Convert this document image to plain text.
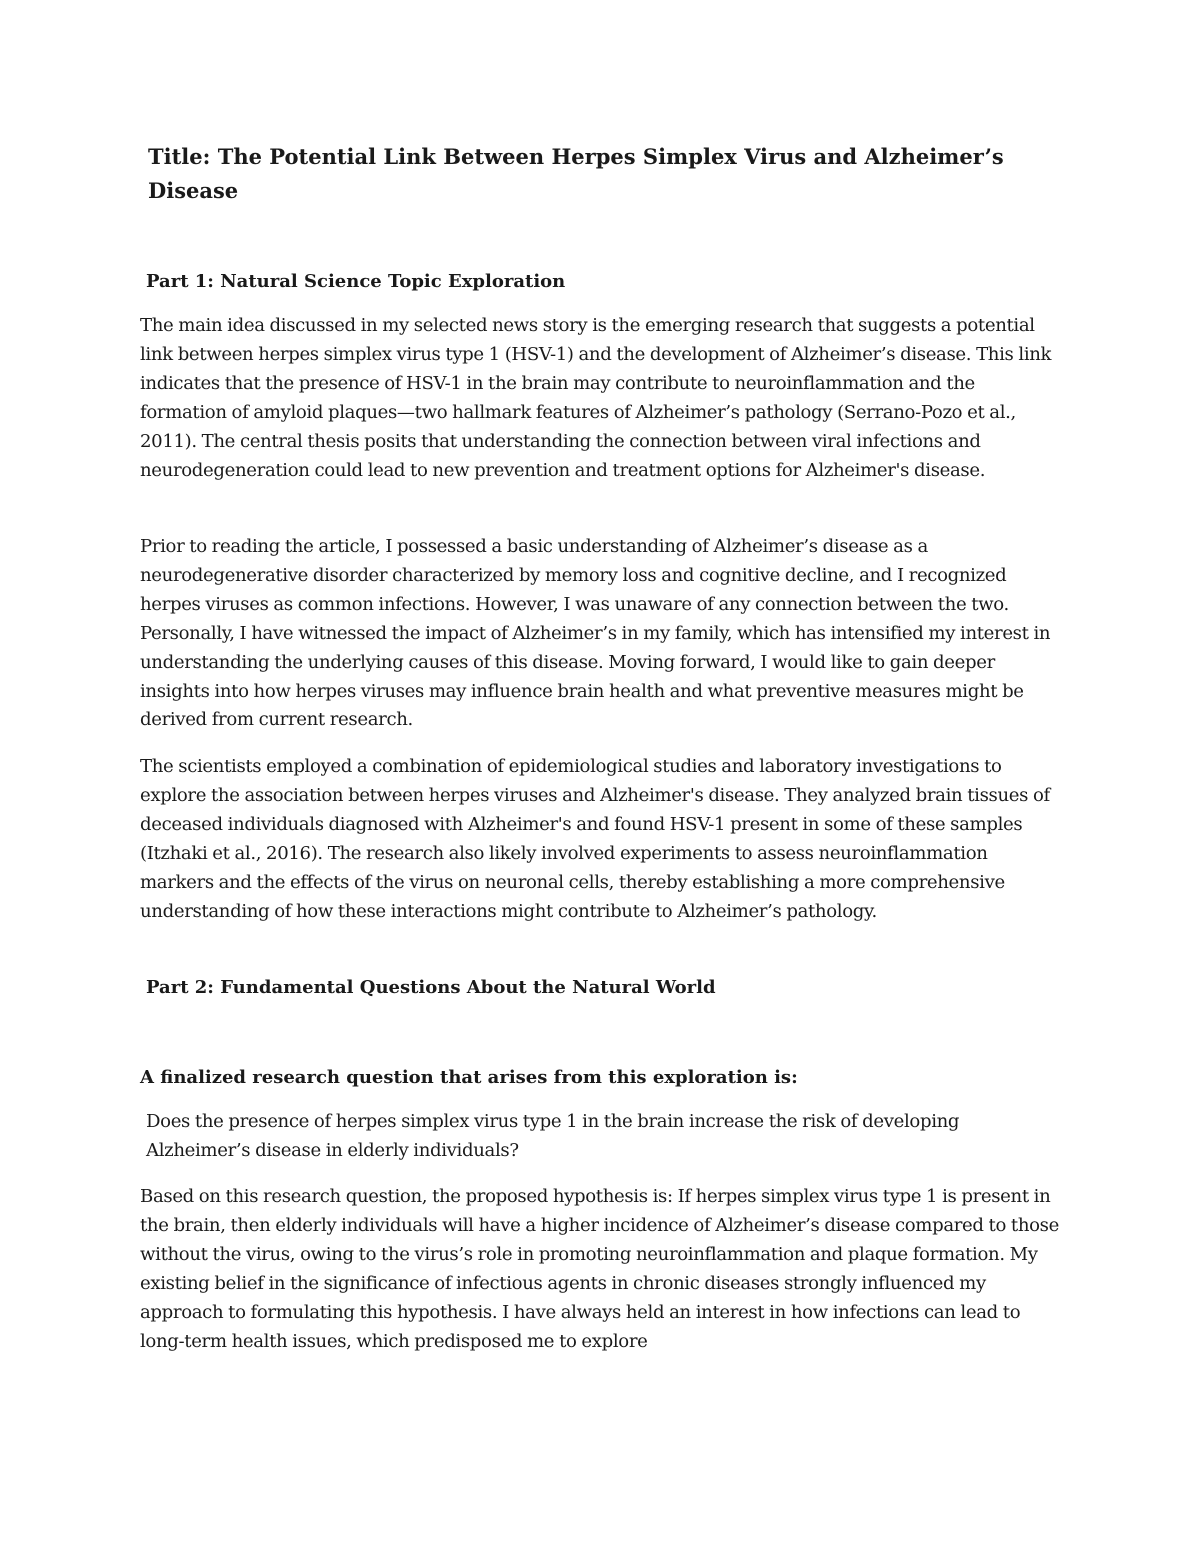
Title: The Potential Link Between Herpes Simplex Virus and Alzheimer’s Disease
Part 1: Natural Science Topic Exploration

The main idea discussed in my selected news story is the emerging research that suggests a potential link between herpes simplex virus type 1 (HSV-1) and the development of Alzheimer’s disease. This link indicates that the presence of HSV-1 in the brain may contribute to neuroinflammation and the formation of amyloid plaques—two hallmark features of Alzheimer’s pathology (Serrano-Pozo et al., 2011). The central thesis posits that understanding the connection between viral infections and neurodegeneration could lead to new prevention and treatment options for Alzheimer's disease.

Prior to reading the article, I possessed a basic understanding of Alzheimer’s disease as a neurodegenerative disorder characterized by memory loss and cognitive decline, and I recognized herpes viruses as common infections. However, I was unaware of any connection between the two. Personally, I have witnessed the impact of Alzheimer’s in my family, which has intensified my interest in understanding the underlying causes of this disease. Moving forward, I would like to gain deeper insights into how herpes viruses may influence brain health and what preventive measures might be derived from current research.

The scientists employed a combination of epidemiological studies and laboratory investigations to explore the association between herpes viruses and Alzheimer's disease. They analyzed brain tissues of deceased individuals diagnosed with Alzheimer's and found HSV-1 present in some of these samples (Itzhaki et al., 2016). The research also likely involved experiments to assess neuroinflammation markers and the effects of the virus on neuronal cells, thereby establishing a more comprehensive understanding of how these interactions might contribute to Alzheimer’s pathology.

Part 2: Fundamental Questions About the Natural World

A finalized research question that arises from this exploration is:

Does the presence of herpes simplex virus type 1 in the brain increase the risk of developing Alzheimer’s disease in elderly individuals?

Based on this research question, the proposed hypothesis is: If herpes simplex virus type 1 is present in the brain, then elderly individuals will have a higher incidence of Alzheimer’s disease compared to those without the virus, owing to the virus’s role in promoting neuroinflammation and plaque formation. My existing belief in the significance of infectious agents in chronic diseases strongly influenced my approach to formulating this hypothesis. I have always held an interest in how infections can lead to long-term health issues, which predisposed me to explore
